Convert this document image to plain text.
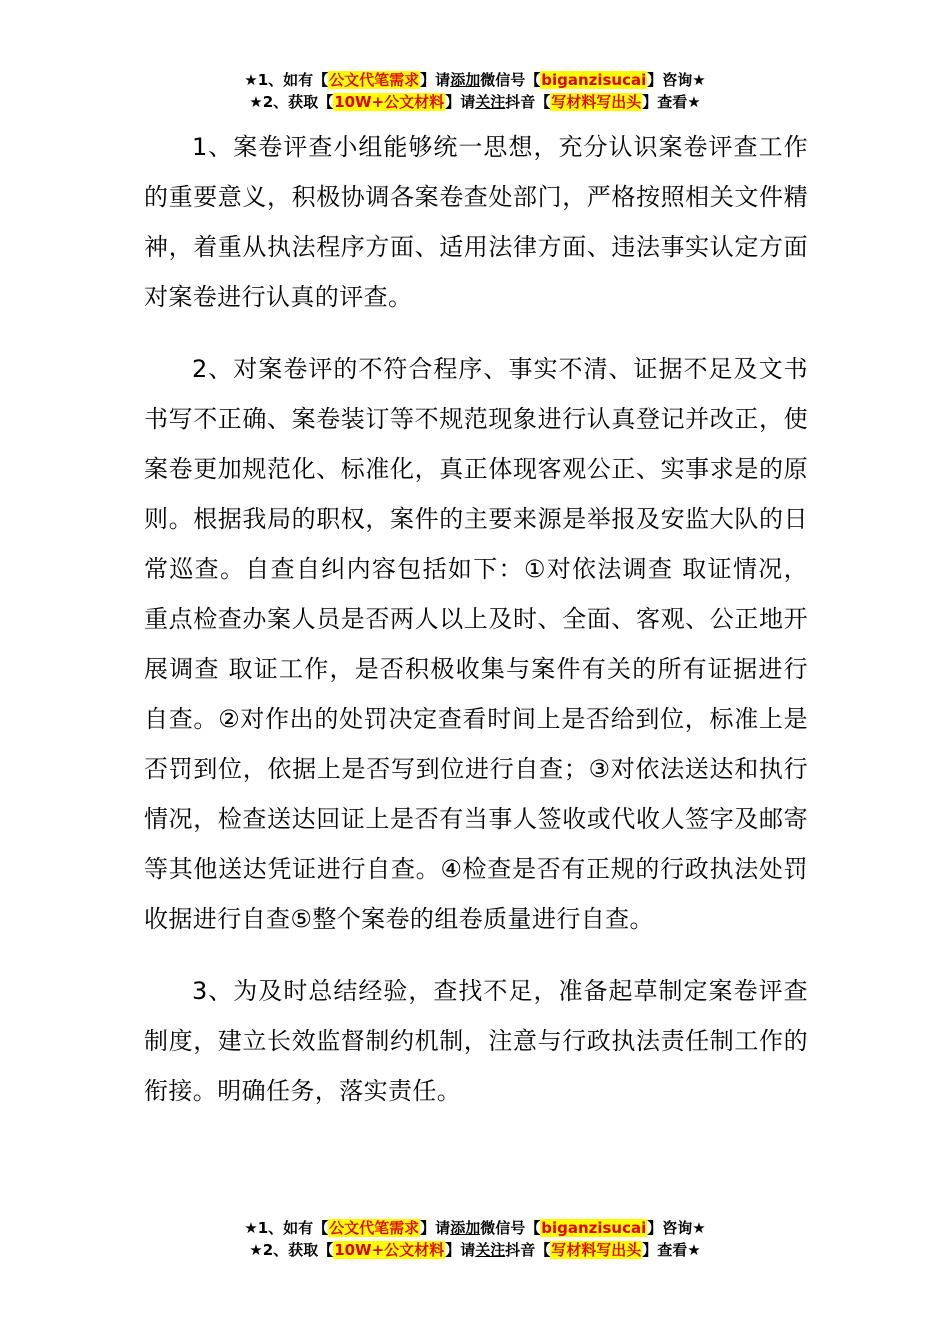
★1、如有【公文代笔需求】请添加微信号【biganzisucai】咨询★
★2、获取【10W+公文材料】请关注抖音【写材料写出头】查看★

1、案卷评查小组能够统一思想，充分认识案卷评查工作的重要意义，积极协调各案卷查处部门，严格按照相关文件精神，着重从执法程序方面、适用法律方面、违法事实认定方面对案卷进行认真的评查。

2、对案卷评的不符合程序、事实不清、证据不足及文书书写不正确、案卷装订等不规范现象进行认真登记并改正，使案卷更加规范化、标准化，真正体现客观公正、实事求是的原则。根据我局的职权，案件的主要来源是举报及安监大队的日常巡查。自查自纠内容包括如下：①对依法调查 取证情况，重点检查办案人员是否两人以上及时、全面、客观、公正地开展调查 取证工作，是否积极收集与案件有关的所有证据进行自查。②对作出的处罚决定查看时间上是否给到位，标准上是否罚到位，依据上是否写到位进行自查；③对依法送达和执行情况，检查送达回证上是否有当事人签收或代收人签字及邮寄等其他送达凭证进行自查。④检查是否有正规的行政执法处罚收据进行自查⑤整个案卷的组卷质量进行自查。

3、为及时总结经验，查找不足，准备起草制定案卷评查制度，建立长效监督制约机制，注意与行政执法责任制工作的衔接。明确任务，落实责任。

★1、如有【公文代笔需求】请添加微信号【biganzisucai】咨询★
★2、获取【10W+公文材料】请关注抖音【写材料写出头】查看★
